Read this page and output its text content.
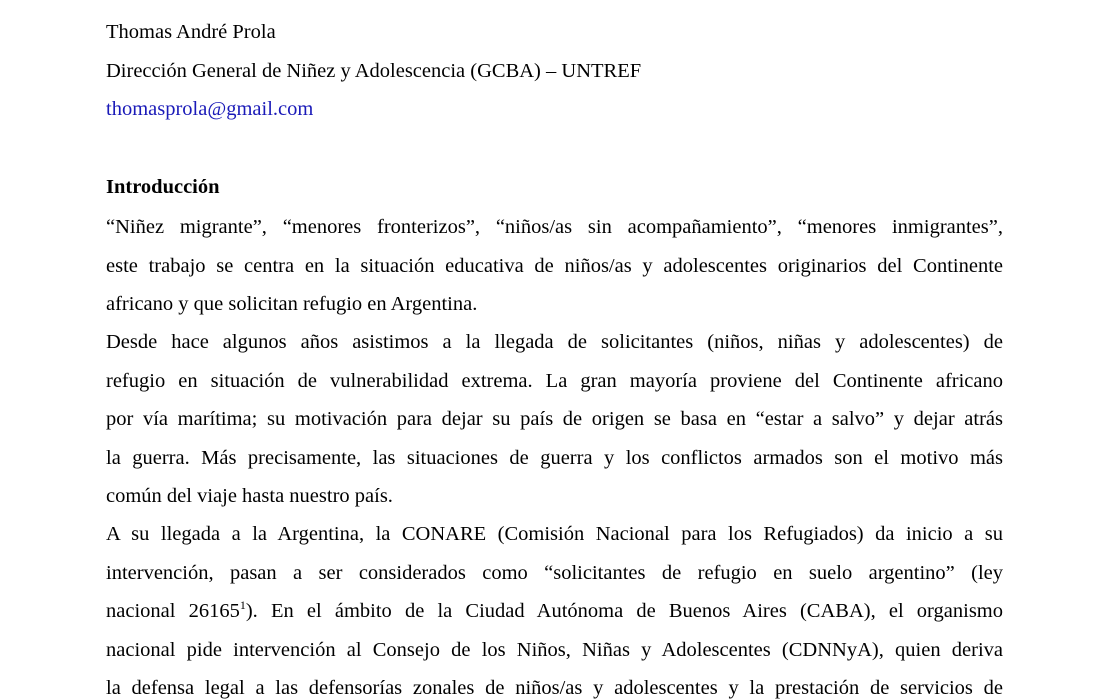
Thomas André Prola
Dirección General de Niñez y Adolescencia (GCBA) – UNTREF
thomasprola@gmail.com
Introducción
“Niñez migrante”, “menores fronterizos”, “niños/as sin acompañamiento”, “menores inmigrantes”,
este trabajo se centra en la situación educativa de niños/as y adolescentes originarios del Continente
africano y que solicitan refugio en Argentina.
Desde hace algunos años asistimos a la llegada de solicitantes (niños, niñas y adolescentes) de
refugio en situación de vulnerabilidad extrema. La gran mayoría proviene del Continente africano
por vía marítima; su motivación para dejar su país de origen se basa en “estar a salvo” y dejar atrás
la guerra. Más precisamente, las situaciones de guerra y los conflictos armados son el motivo más
común del viaje hasta nuestro país.
A su llegada a la Argentina, la CONARE (Comisión Nacional para los Refugiados) da inicio a su
intervención, pasan a ser considerados como “solicitantes de refugio en suelo argentino” (ley
nacional 26165$^1$). En el ámbito de la Ciudad Autónoma de Buenos Aires (CABA), el organismo
nacional pide intervención al Consejo de los Niños, Niñas y Adolescentes (CDNNyA), quien deriva
la defensa legal a las defensorías zonales de niños/as y adolescentes y la prestación de servicios de
